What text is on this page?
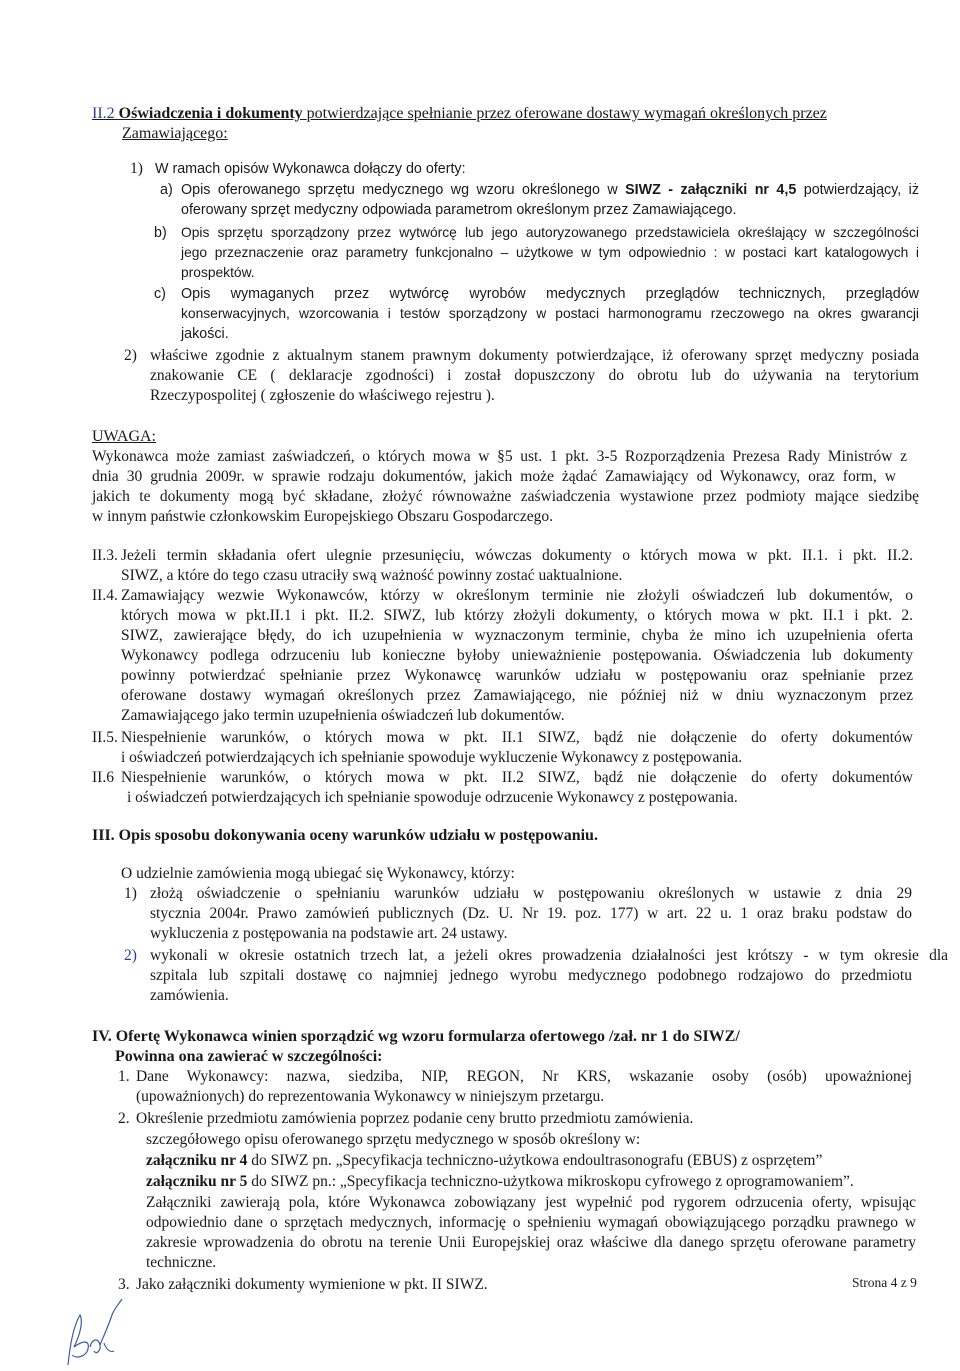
II.2 Oświadczenia i dokumenty potwierdzające spełnianie przez oferowane dostawy wymagań określonych przez
Zamawiającego:
1) W ramach opisów Wykonawca dołączy do oferty:
a) Opis oferowanego sprzętu medycznego wg wzoru określonego w SIWZ - załączniki nr 4,5 potwierdzający, iż
oferowany sprzęt medyczny odpowiada parametrom określonym przez Zamawiającego.
b) Opis sprzętu sporządzony przez wytwórcę lub jego autoryzowanego przedstawiciela określający w szczególności
jego przeznaczenie oraz parametry funkcjonalno – użytkowe w tym odpowiednio : w postaci kart katalogowych i
prospektów.
c) Opis wymaganych przez wytwórcę wyrobów medycznych przeglądów technicznych, przeglądów
konserwacyjnych, wzorcowania i testów sporządzony w postaci harmonogramu rzeczowego na okres gwarancji
jakości.
2) właściwe zgodnie z aktualnym stanem prawnym dokumenty potwierdzające, iż oferowany sprzęt medyczny posiada
znakowanie CE ( deklaracje zgodności) i został dopuszczony do obrotu lub do używania na terytorium
Rzeczypospolitej ( zgłoszenie do właściwego rejestru ).
UWAGA:
Wykonawca może zamiast zaświadczeń, o których mowa w §5 ust. 1 pkt. 3-5 Rozporządzenia Prezesa Rady Ministrów z
dnia 30 grudnia 2009r. w sprawie rodzaju dokumentów, jakich może żądać Zamawiający od Wykonawcy, oraz form, w
jakich te dokumenty mogą być składane, złożyć równoważne zaświadczenia wystawione przez podmioty mające siedzibę
w innym państwie członkowskim Europejskiego Obszaru Gospodarczego.
II.3. Jeżeli termin składania ofert ulegnie przesunięciu, wówczas dokumenty o których mowa w pkt. II.1. i pkt. II.2.
SIWZ, a które do tego czasu utraciły swą ważność powinny zostać uaktualnione.
II.4. Zamawiający wezwie Wykonawców, którzy w określonym terminie nie złożyli oświadczeń lub dokumentów, o
których mowa w pkt.II.1 i pkt. II.2. SIWZ, lub którzy złożyli dokumenty, o których mowa w pkt. II.1 i pkt. 2.
SIWZ, zawierające błędy, do ich uzupełnienia w wyznaczonym terminie, chyba że mino ich uzupełnienia oferta
Wykonawcy podlega odrzuceniu lub konieczne byłoby unieważnienie postępowania. Oświadczenia lub dokumenty
powinny potwierdzać spełnianie przez Wykonawcę warunków udziału w postępowaniu oraz spełnianie przez
oferowane dostawy wymagań określonych przez Zamawiającego, nie później niż w dniu wyznaczonym przez
Zamawiającego jako termin uzupełnienia oświadczeń lub dokumentów.
II.5. Niespełnienie warunków, o których mowa w pkt. II.1 SIWZ, bądź nie dołączenie do oferty dokumentów
i oświadczeń potwierdzających ich spełnianie spowoduje wykluczenie Wykonawcy z postępowania.
II.6 Niespełnienie warunków, o których mowa w pkt. II.2 SIWZ, bądź nie dołączenie do oferty dokumentów
i oświadczeń potwierdzających ich spełnianie spowoduje odrzucenie Wykonawcy z postępowania.
III. Opis sposobu dokonywania oceny warunków udziału w postępowaniu.
O udzielnie zamówienia mogą ubiegać się Wykonawcy, którzy:
1) złożą oświadczenie o spełnianiu warunków udziału w postępowaniu określonych w ustawie z dnia 29
stycznia 2004r. Prawo zamówień publicznych (Dz. U. Nr 19. poz. 177) w art. 22 u. 1 oraz braku podstaw do
wykluczenia z postępowania na podstawie art. 24 ustawy.
2) wykonali w okresie ostatnich trzech lat, a jeżeli okres prowadzenia działalności jest krótszy - w tym okresie dla
szpitala lub szpitali dostawę co najmniej jednego wyrobu medycznego podobnego rodzajowo do przedmiotu
zamówienia.
IV. Ofertę Wykonawca winien sporządzić wg wzoru formularza ofertowego /zał. nr 1 do SIWZ/
Powinna ona zawierać w szczególności:
1. Dane Wykonawcy: nazwa, siedziba, NIP, REGON, Nr KRS, wskazanie osoby (osób) upoważnionej
(upoważnionych) do reprezentowania Wykonawcy w niniejszym przetargu.
2. Określenie przedmiotu zamówienia poprzez podanie ceny brutto przedmiotu zamówienia.
szczegółowego opisu oferowanego sprzętu medycznego w sposób określony w:
załączniku nr 4 do SIWZ pn. „Specyfikacja techniczno-użytkowa endoultrasonografu (EBUS) z osprzętem”
załączniku nr 5 do SIWZ pn.: „Specyfikacja techniczno-użytkowa mikroskopu cyfrowego z oprogramowaniem”.
Załączniki zawierają pola, które Wykonawca zobowiązany jest wypełnić pod rygorem odrzucenia oferty, wpisując
odpowiednio dane o sprzętach medycznych, informację o spełnieniu wymagań obowiązującego porządku prawnego w
zakresie wprowadzenia do obrotu na terenie Unii Europejskiej oraz właściwe dla danego sprzętu oferowane parametry
techniczne.
3. Jako załączniki dokumenty wymienione w pkt. II SIWZ.	Strona 4 z 9
